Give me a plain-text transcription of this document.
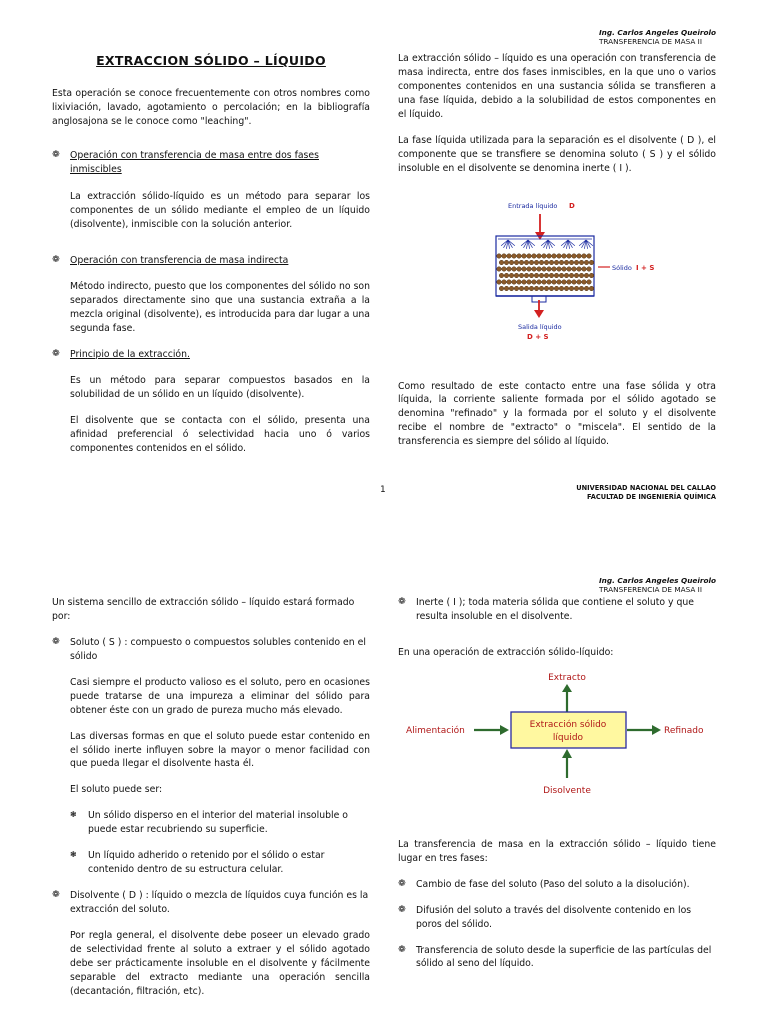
Ing. Carlos Angeles Queirolo
TRANSFERENCIA DE MASA II
EXTRACCION SÓLIDO – LÍQUIDO

Esta operación se conoce frecuentemente con otros nombres como lixiviación, lavado, agotamiento o percolación; en la bibliografía anglosajona se le conoce como "leaching".

❁ Operación con transferencia de masa entre dos fases inmiscibles

La extracción sólido-líquido es un método para separar los componentes de un sólido mediante el empleo de un líquido (disolvente), inmiscible con la solución anterior.

❁ Operación con transferencia de masa indirecta

Método indirecto, puesto que los componentes del sólido no son separados directamente sino que una sustancia extraña a la mezcla original (disolvente), es introducida para dar lugar a una segunda fase.

❁ Principio de la extracción.

Es un método para separar compuestos basados en la solubilidad de un sólido en un líquido (disolvente).

El disolvente que se contacta con el sólido, presenta una afinidad preferencial ó selectividad hacia uno ó varios componentes contenidos en el sólido.

La extracción sólido – líquido es una operación con transferencia de masa indirecta, entre dos fases inmiscibles, en la que uno o varios componentes contenidos en una sustancia sólida se transfieren a una fase líquida, debido a la solubilidad de estos componentes en el líquido.

La fase líquida utilizada para la separación es el disolvente ( D ), el componente que se transfiere se denomina soluto ( S ) y el sólido insoluble en el disolvente se denomina inerte ( I ).

Entrada líquido D
Salida líquido
D + S
Sólido I + S

Como resultado de este contacto entre una fase sólida y otra líquida, la corriente saliente formada por el sólido agotado se denomina "refinado" y la formada por el soluto y el disolvente recibe el nombre de "extracto" o "miscela". El sentido de la transferencia es siempre del sólido al líquido.

1	UNIVERSIDAD NACIONAL DEL CALLAO
FACULTAD DE INGENIERÍA QUÍMICA
Ing. Carlos Angeles Queirolo
TRANSFERENCIA DE MASA II

Un sistema sencillo de extracción sólido – líquido estará formado por:

❁ Soluto ( S ) : compuesto o compuestos solubles contenido en el sólido

Casi siempre el producto valioso es el soluto, pero en ocasiones puede tratarse de una impureza a eliminar del sólido para obtener éste con un grado de pureza mucho más elevado.

Las diversas formas en que el soluto puede estar contenido en el sólido inerte influyen sobre la mayor o menor facilidad con que pueda llegar el disolvente hasta él.

El soluto puede ser:

❃ Un sólido disperso en el interior del material insoluble o puede estar recubriendo su superficie.
❃ Un líquido adherido o retenido por el sólido o estar contenido dentro de su estructura celular.
❁ Disolvente ( D ) : líquido o mezcla de líquidos cuya función es la extracción del soluto.

Por regla general, el disolvente debe poseer un elevado grado de selectividad frente al soluto a extraer y el sólido agotado debe ser prácticamente insoluble en el disolvente y fácilmente separable del extracto mediante una operación sencilla (decantación, filtración, etc).

❁ Inerte ( I ); toda materia sólida que contiene el soluto y que resulta insoluble en el disolvente.

En una operación de extracción sólido-líquido:

Extracto
Alimentación
Extracción sólido
líquido
Refinado
Disolvente

La transferencia de masa en la extracción sólido – líquido tiene lugar en tres fases:

❁ Cambio de fase del soluto (Paso del soluto a la disolución).
❁ Difusión del soluto a través del disolvente contenido en los poros del sólido.
❁ Transferencia de soluto desde la superficie de las partículas del sólido al seno del líquido.
